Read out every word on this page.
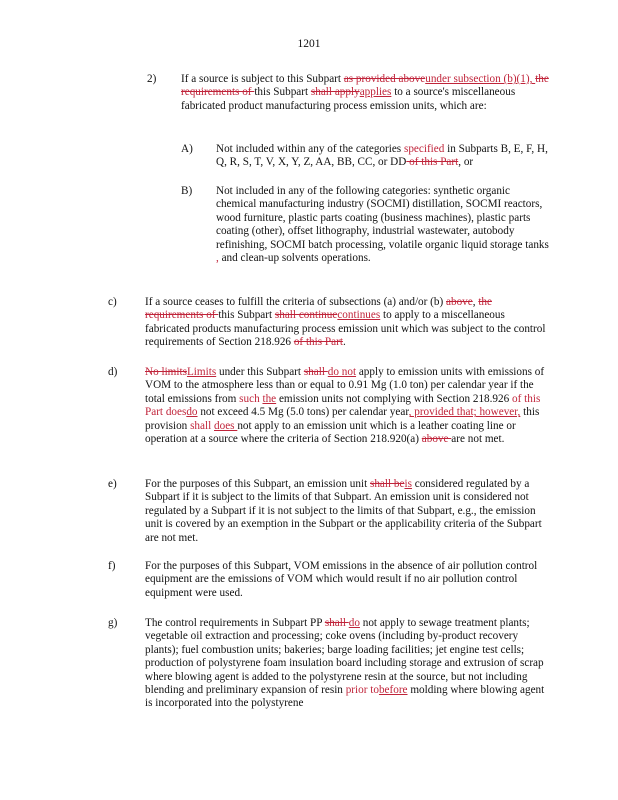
1201
2) If a source is subject to this Subpart as provided aboveunder subsection (b)(1), the requirements of this Subpart shall applyapplies to a source's miscellaneous fabricated product manufacturing process emission units, which are:
A) Not included within any of the categories specified in Subparts B, E, F, H, Q, R, S, T, V, X, Y, Z, AA, BB, CC, or DD of this Part, or
B) Not included in any of the following categories: synthetic organic chemical manufacturing industry (SOCMI) distillation, SOCMI reactors, wood furniture, plastic parts coating (business machines), plastic parts coating (other), offset lithography, industrial wastewater, autobody refinishing, SOCMI batch processing, volatile organic liquid storage tanks , and clean-up solvents operations.
c)	If a source ceases to fulfill the criteria of subsections (a) and/or (b) above, the requirements of this Subpart shall continuecontinues to apply to a miscellaneous fabricated products manufacturing process emission unit which was subject to the control requirements of Section 218.926 of this Part.
d) No limitsLimits under this Subpart shall do not apply to emission units with emissions of VOM to the atmosphere less than or equal to 0.91 Mg (1.0 ton) per calendar year if the total emissions from such the emission units not complying with Section 218.926 of this Part doesdo not exceed 4.5 Mg (5.0 tons) per calendar year, provided that; however, this provision shall does not apply to an emission unit which is a leather coating line or operation at a source where the criteria of Section 218.920(a) above are not met.
e)	For the purposes of this Subpart, an emission unit shall beis considered regulated by a Subpart if it is subject to the limits of that Subpart. An emission unit is considered not regulated by a Subpart if it is not subject to the limits of that Subpart, e.g., the emission unit is covered by an exemption in the Subpart or the applicability criteria of the Subpart are not met.
f)	For the purposes of this Subpart, VOM emissions in the absence of air pollution control equipment are the emissions of VOM which would result if no air pollution control equipment were used.
g) The control requirements in Subpart PP shall do not apply to sewage treatment plants; vegetable oil extraction and processing; coke ovens (including by-product recovery plants); fuel combustion units; bakeries; barge loading facilities; jet engine test cells; production of polystyrene foam insulation board including storage and extrusion of scrap where blowing agent is added to the polystyrene resin at the source, but not including blending and preliminary expansion of resin prior tobefore molding where blowing agent is incorporated into the polystyrene
